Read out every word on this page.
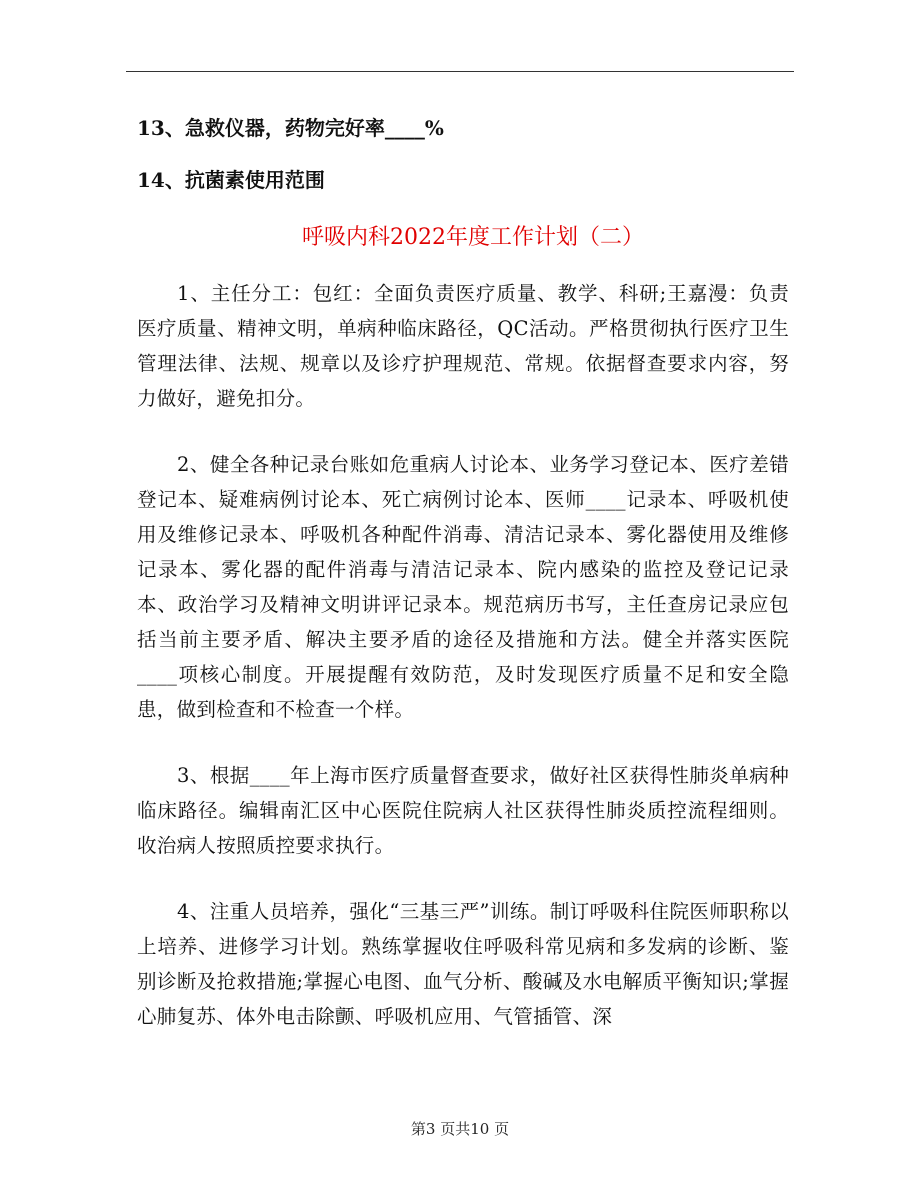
13、急救仪器，药物完好率____%
14、抗菌素使用范围
呼吸内科2022年度工作计划（二）

1、主任分工：包红：全面负责医疗质量、教学、科研;王嘉漫：负责医疗质量、精神文明，单病种临床路径，QC活动。严格贯彻执行医疗卫生管理法律、法规、规章以及诊疗护理规范、常规。依据督查要求内容，努力做好，避免扣分。

2、健全各种记录台账如危重病人讨论本、业务学习登记本、医疗差错登记本、疑难病例讨论本、死亡病例讨论本、医师____记录本、呼吸机使用及维修记录本、呼吸机各种配件消毒、清洁记录本、雾化器使用及维修记录本、雾化器的配件消毒与清洁记录本、院内感染的监控及登记记录本、政治学习及精神文明讲评记录本。规范病历书写，主任查房记录应包括当前主要矛盾、解决主要矛盾的途径及措施和方法。健全并落实医院____项核心制度。开展提醒有效防范，及时发现医疗质量不足和安全隐患，做到检查和不检查一个样。

3、根据____年上海市医疗质量督查要求，做好社区获得性肺炎单病种临床路径。编辑南汇区中心医院住院病人社区获得性肺炎质控流程细则。收治病人按照质控要求执行。

4、注重人员培养，强化“三基三严”训练。制订呼吸科住院医师职称以上培养、进修学习计划。熟练掌握收住呼吸科常见病和多发病的诊断、鉴别诊断及抢救措施;掌握心电图、血气分析、酸碱及水电解质平衡知识;掌握心肺复苏、体外电击除颤、呼吸机应用、气管插管、深

第3 页共10 页
